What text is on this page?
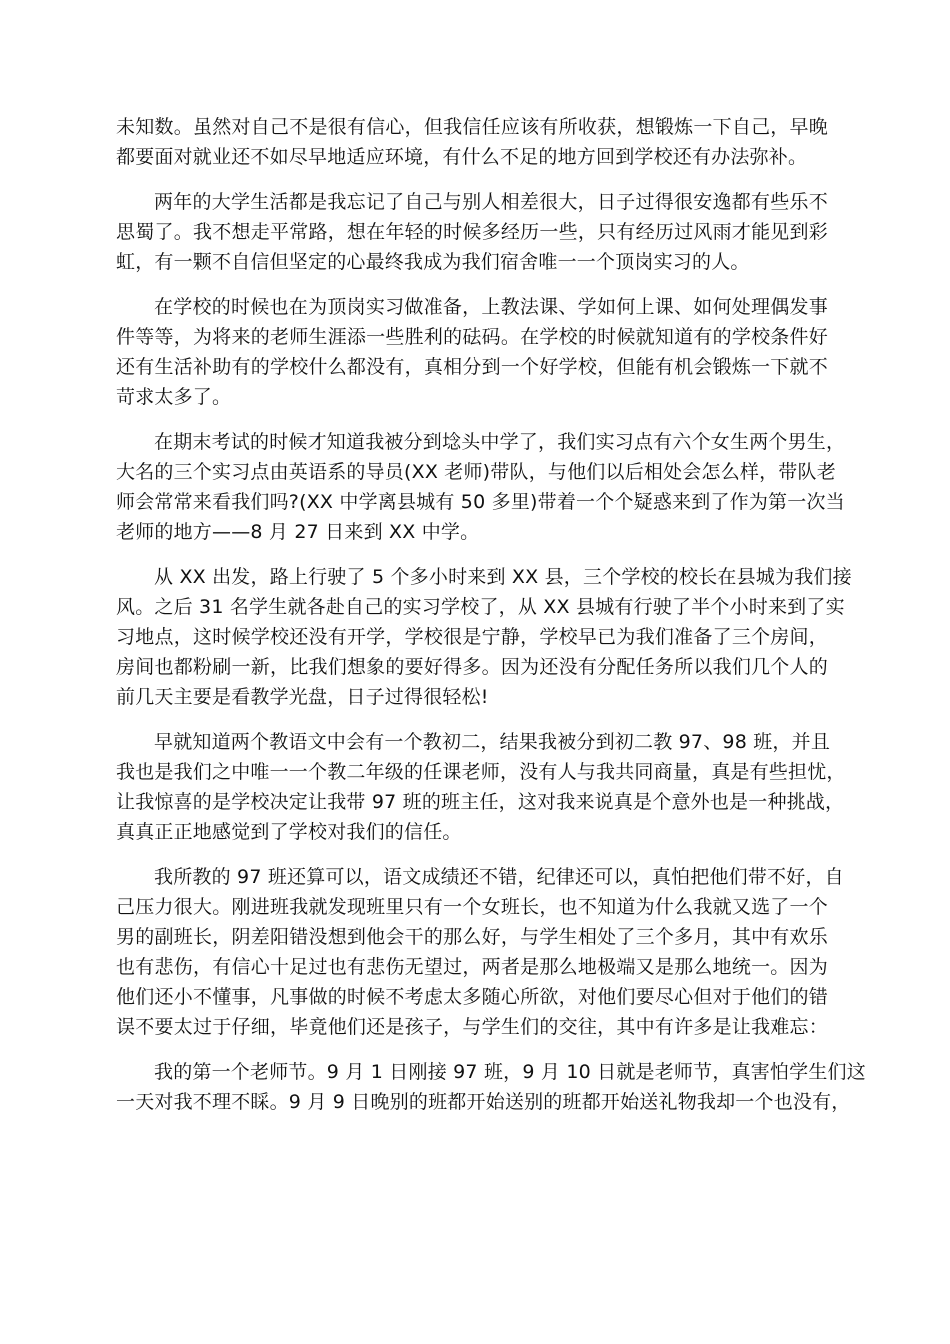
未知数。虽然对自己不是很有信心，但我信任应该有所收获，想锻炼一下自己，早晚
都要面对就业还不如尽早地适应环境，有什么不足的地方回到学校还有办法弥补。
两年的大学生活都是我忘记了自己与别人相差很大，日子过得很安逸都有些乐不
思蜀了。我不想走平常路，想在年轻的时候多经历一些，只有经历过风雨才能见到彩
虹，有一颗不自信但坚定的心最终我成为我们宿舍唯一一个顶岗实习的人。
在学校的时候也在为顶岗实习做准备，上教法课、学如何上课、如何处理偶发事
件等等，为将来的老师生涯添一些胜利的砝码。在学校的时候就知道有的学校条件好
还有生活补助有的学校什么都没有，真相分到一个好学校，但能有机会锻炼一下就不
苛求太多了。
在期末考试的时候才知道我被分到埝头中学了，我们实习点有六个女生两个男生，
大名的三个实习点由英语系的导员(XX 老师)带队，与他们以后相处会怎么样，带队老
师会常常来看我们吗?(XX 中学离县城有 50 多里)带着一个个疑惑来到了作为第一次当
老师的地方——8 月 27 日来到 XX 中学。
从 XX 出发，路上行驶了 5 个多小时来到 XX 县，三个学校的校长在县城为我们接
风。之后 31 名学生就各赴自己的实习学校了，从 XX 县城有行驶了半个小时来到了实
习地点，这时候学校还没有开学，学校很是宁静，学校早已为我们准备了三个房间，
房间也都粉刷一新，比我们想象的要好得多。因为还没有分配任务所以我们几个人的
前几天主要是看教学光盘，日子过得很轻松!
早就知道两个教语文中会有一个教初二，结果我被分到初二教 97、98 班，并且
我也是我们之中唯一一个教二年级的任课老师，没有人与我共同商量，真是有些担忧，
让我惊喜的是学校决定让我带 97 班的班主任，这对我来说真是个意外也是一种挑战，
真真正正地感觉到了学校对我们的信任。
我所教的 97 班还算可以，语文成绩还不错，纪律还可以，真怕把他们带不好，自
己压力很大。刚进班我就发现班里只有一个女班长，也不知道为什么我就又选了一个
男的副班长，阴差阳错没想到他会干的那么好，与学生相处了三个多月，其中有欢乐
也有悲伤，有信心十足过也有悲伤无望过，两者是那么地极端又是那么地统一。因为
他们还小不懂事，凡事做的时候不考虑太多随心所欲，对他们要尽心但对于他们的错
误不要太过于仔细，毕竟他们还是孩子，与学生们的交往，其中有许多是让我难忘：
我的第一个老师节。9 月 1 日刚接 97 班，9 月 10 日就是老师节，真害怕学生们这
一天对我不理不睬。9 月 9 日晚别的班都开始送别的班都开始送礼物我却一个也没有，
